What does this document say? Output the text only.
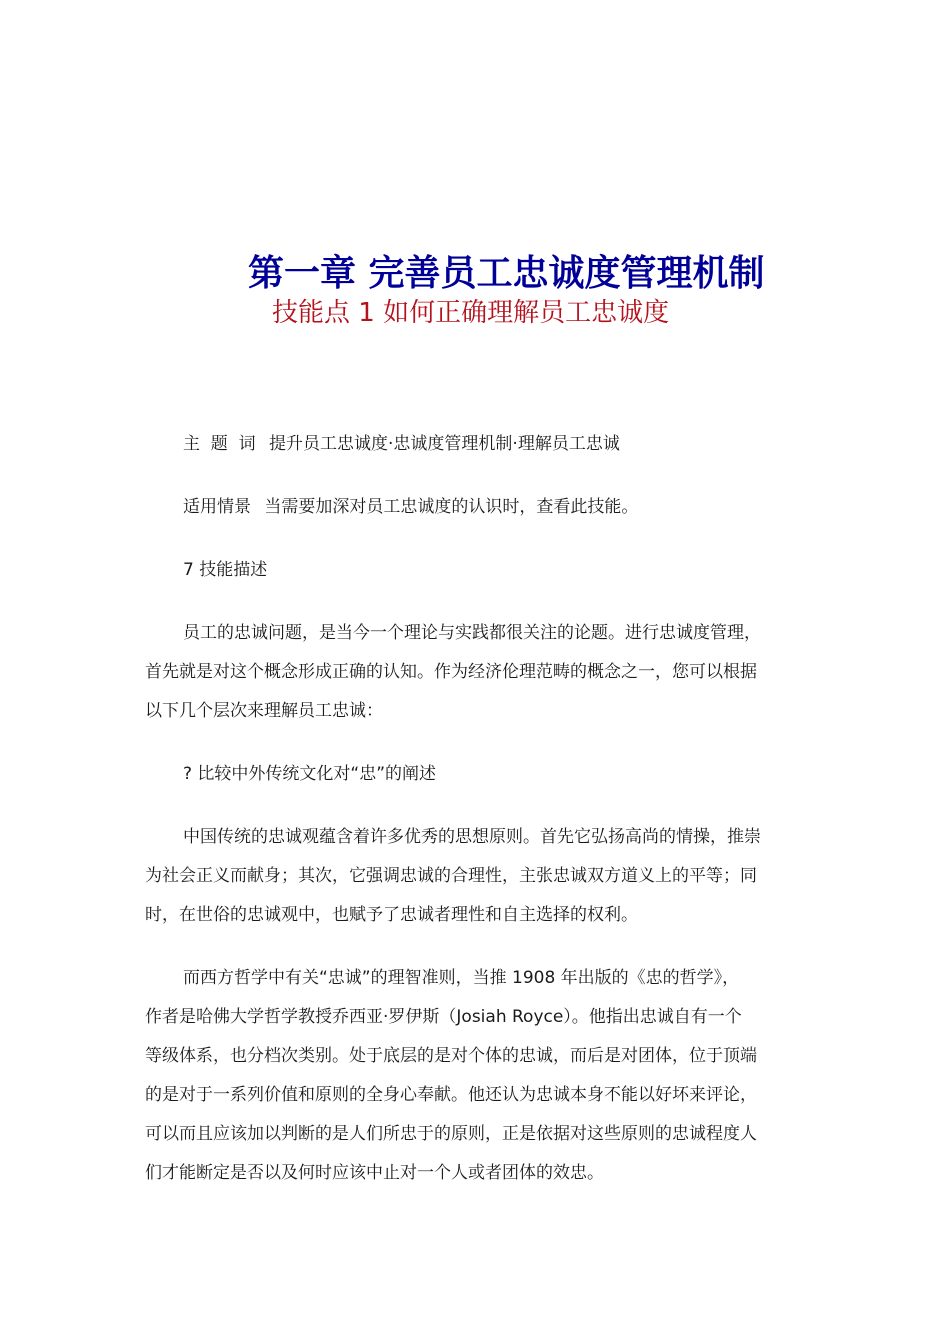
第一章 完善员工忠诚度管理机制
技能点 1 如何正确理解员工忠诚度
主  题  词 提升员工忠诚度·忠诚度管理机制·理解员工忠诚
适用情景 当需要加深对员工忠诚度的认识时，查看此技能。
7 技能描述
员工的忠诚问题，是当今一个理论与实践都很关注的论题。进行忠诚度管理，
首先就是对这个概念形成正确的认知。作为经济伦理范畴的概念之一，您可以根据
以下几个层次来理解员工忠诚：
? 比较中外传统文化对“忠”的阐述
中国传统的忠诚观蕴含着许多优秀的思想原则。首先它弘扬高尚的情操，推崇
为社会正义而献身；其次，它强调忠诚的合理性，主张忠诚双方道义上的平等；同
时，在世俗的忠诚观中，也赋予了忠诚者理性和自主选择的权利。
而西方哲学中有关“忠诚”的理智准则，当推 1908 年出版的《忠的哲学》，
作者是哈佛大学哲学教授乔西亚·罗伊斯（Josiah Royce）。他指出忠诚自有一个
等级体系，也分档次类别。处于底层的是对个体的忠诚，而后是对团体，位于顶端
的是对于一系列价值和原则的全身心奉献。他还认为忠诚本身不能以好坏来评论，
可以而且应该加以判断的是人们所忠于的原则，正是依据对这些原则的忠诚程度人
们才能断定是否以及何时应该中止对一个人或者团体的效忠。
